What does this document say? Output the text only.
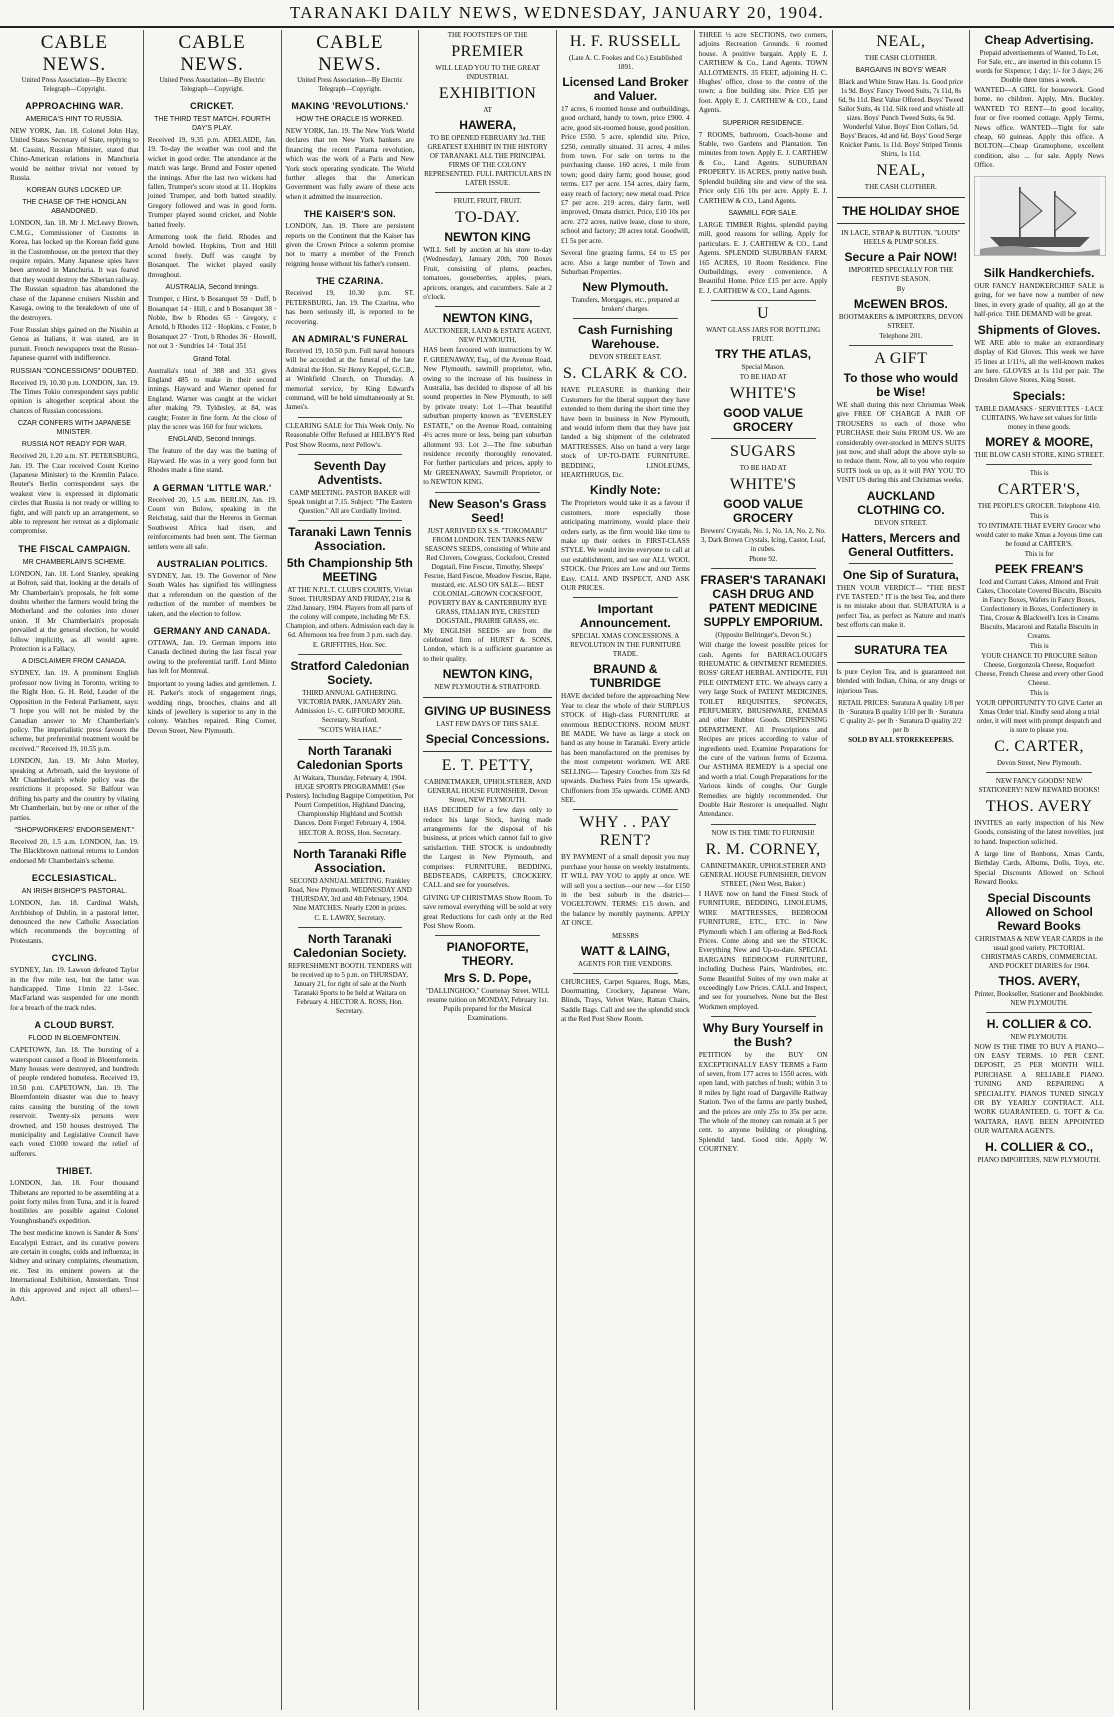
TARANAKI DAILY NEWS, WEDNESDAY, JANUARY 20, 1904.
CABLE NEWS.
United Press Association—By Electric Telegraph—Copyright.
APPROACHING WAR.
AMERICA'S HINT TO RUSSIA.
NEW YORK, Jan. 18. Colonel John Hay, United States Secretary of State, replying to M. Cassini, Russian Minister, stated that Chino-American relations in Manchuria would be neither trivial nor vetoed by Russia.
KOREAN GUNS LOCKED UP.
THE CHASE OF THE HONGLAN ABANDONED.
LONDON, Jan. 18. Mr J. McLeavy Brown, C.M.G., Commissioner of Customs in Korea, has locked up the Korean field guns in the Customhouse, on the pretext that they require repairs. Many Japanese spies have been arrested in Manchuria. It was feared that they would destroy the Siberian railway. The Russian squadron has abandoned the chase of the Japanese cruisers Nisshin and Kasuga, owing to the breakdown of one of the destroyers.
Four Russian ships gained on the Nisshin at Genoa as Italians, it was stated, are in pursuit. French newspapers treat the Russo-Japanese quarrel with indifference.
RUSSIAN "CONCESSIONS" DOUBTED.
Received 19, 10.30 p.m. LONDON, Jan. 19. The Times Tokio correspondent says public opinion is altogether sceptical about the chances of Russian concessions.
CZAR CONFERS WITH JAPANESE MINISTER.
RUSSIA NOT READY FOR WAR.
Received 20, 1.20 a.m. ST. PETERSBURG, Jan. 19. The Czar received Count Kurino (Japanese Minister) to the Kremlin Palace. Reuter's Berlin correspondent says the weakest view is expressed in diplomatic circles that Russia is not ready or willing to fight, and will patch up an arrangement, so able to represent her retreat as a diplomatic compromise.
THE FISCAL CAMPAIGN.
MR CHAMBERLAIN'S SCHEME.
LONDON, Jan. 18. Lord Stanley, speaking at Bolton, said that, looking at the details of Mr Chamberlain's proposals, he felt some doubts whether the farmers would bring the Motherland and the colonies into closer union. If Mr Chamberlain's proposals prevailed at the general election, he would follow implicitly, as all would agree. Protection is a Fallacy.
A DISCLAIMER FROM CANADA.
SYDNEY, Jan. 19. A prominent English professor now living in Toronto, writing to the Right Hon. G. H. Reid, Leader of the Opposition in the Federal Parliament, says: "I hope you will not be misled by the Canadian answer to Mr Chamberlain's policy. The imperialistic press favours the scheme, but preferential treatment would be received." Received 19, 10.55 p.m.
LONDON, Jan. 19. Mr John Morley, speaking at Arbroath, said the keystone of Mr Chamberlain's whole policy was the restrictions it proposed. Sir Balfour was drifting his party and the country by vilating Mr Chamberlain, but by one or other of the parties.
"SHOPWORKERS' ENDORSEMENT."
Received 20, 1.5 a.m. LONDON, Jan. 19. The Blackbrown national returns to London endorsed Mr Chamberlain's scheme.
ECCLESIASTICAL.
AN IRISH BISHOP'S PASTORAL.
LONDON, Jan. 18. Cardinal Walsh, Archbishop of Dublin, in a pastoral letter, denounced the new Catholic Association which recommends the boycotting of Protestants.
CYCLING.
SYDNEY, Jan. 19. Lawson defeated Taylor in the five mile test, but the latter was handicapped. Time 11min 22 1-5sec. MacFarland was suspended for one month for a breach of the track rules.
A CLOUD BURST.
FLOOD IN BLOEMFONTEIN.
CAPETOWN, Jan. 18. The bursting of a waterspout caused a flood in Bloemfontein. Many houses were destroyed, and hundreds of people rendered homeless. Received 19, 10.50 p.m. CAPETOWN, Jan. 19. The Bloemfontein disaster was due to heavy rains causing the bursting of the town reservoir. Twenty-six persons were drowned, and 150 houses destroyed. The municipality and Legislative Council have each voted £1000 toward the relief of sufferers.
THIBET.
LONDON, Jan. 18. Four thousand Thibetans are reported to be assembling at a point forty miles from Tuna, and it is feared hostilities are possible against Colonel Younghusband's expedition.
The best medicine known is Sander & Sons' Eucalypti Extract, and its curative powers are certain in coughs, colds and influenza; in kidney and urinary complaints, rheumatism, etc. Test its eminent powers at the International Exhibition, Amsterdam. Trust in this approved and reject all others!—Advt.
CABLE NEWS.
United Press Association—By Electric Telegraph—Copyright.
CRICKET.
THE THIRD TEST MATCH. FOURTH DAY'S PLAY.
Received 19, 9.35 p.m. ADELAIDE, Jan. 19. To-day the weather was cool and the wicket in good order. The attendance at the match was large. Brund and Foster opened the innings. After the last two wickets had fallen, Trumper's score stood at 11. Hopkins joined Trumper, and both batted steadily. Gregory followed and was in good form. Trumper played sound cricket, and Noble batted freely.
Armstrong took the field. Rhodes and Arnold bowled. Hopkins, Trott and Hill scored freely. Duff was caught by Bosanquet. The wicket played easily throughout.
AUSTRALIA, Second Innings.
Trumper, c Hirst, b Bosanquet 59 · Duff, b Bosanquet 14 · Hill, c and b Bosanquet 38 · Noble, lbw b Rhodes 65 · Gregory, c Arnold, b Rhodes 112 · Hopkins, c Foster, b Bosanquet 27 · Trott, b Rhodes 36 · Howell, not out 3 · Sundries 14 · Total 351
Grand Total.
Australia's total of 388 and 351 gives England 485 to make in their second innings. Hayward and Warner opened for England. Warner was caught at the wicket after making 79. Tyldesley, at 84, was caught; Foster in fine form. At the close of play the score was 160 for four wickets.
ENGLAND, Second Innings.
The feature of the day was the batting of Hayward. He was in a very good form but Rhodes made a fine stand.
A GERMAN 'LITTLE WAR.'
Received 20, 1.5 a.m. BERLIN, Jan. 19. Count von Bulow, speaking in the Reichstag, said that the Hereros in German Southwest Africa had risen, and reinforcements had been sent. The German settlers were all safe.
AUSTRALIAN POLITICS.
SYDNEY, Jan. 19. The Governor of New South Wales has signified his willingness that a referendum on the question of the reduction of the number of members be taken, and the election to follow.
GERMANY AND CANADA.
OTTAWA, Jan. 19. German imports into Canada declined during the last fiscal year owing to the preferential tariff. Lord Minto has left for Montreal.
Important to young ladies and gentlemen. J. H. Parker's stock of engagement rings, wedding rings, brooches, chains and all kinds of jewellery is superior to any in the colony. Watches repaired. Ring Corner, Devon Street, New Plymouth.
CABLE NEWS.
United Press Association—By Electric Telegraph—Copyright.
MAKING 'REVOLUTIONS.'
HOW THE ORACLE IS WORKED.
NEW YORK, Jan. 19. The New York World declares that ten New York bankers are financing the recent Panama revolution, which was the work of a Paris and New York stock operating syndicate. The World further alleges that the American Government was fully aware of these acts when it admitted the insurrection.
THE KAISER'S SON.
LONDON, Jan. 19. There are persistent reports on the Continent that the Kaiser has given the Crown Prince a solemn promise not to marry a member of the French reigning house without his father's consent.
THE CZARINA.
Received 19, 10.30 p.m. ST. PETERSBURG, Jan. 19. The Czarina, who has been seriously ill, is reported to be recovering.
AN ADMIRAL'S FUNERAL
Received 19, 10.50 p.m. Full naval honours will be accorded at the funeral of the late Admiral the Hon. Sir Henry Keppel, G.C.B., at Winkfield Church, on Thursday. A memorial service, by King Edward's command, will be held simultaneously at St. James's.
CLEARING SALE for This Week Only. No Reasonable Offer Refused at HELBY'S Red Post Show Rooms, next Pellow's.
Seventh Day Adventists.
CAMP MEETING. PASTOR BAKER will Speak tonight at 7.15. Subject: "The Eastern Question." All are Cordially Invited.
Taranaki Lawn Tennis Association.
5th Championship 5th MEETING
AT THE N.P.L.T. CLUB'S COURTS, Vivian Street. THURSDAY AND FRIDAY, 21st & 22nd January, 1904. Players from all parts of the colony will compete, including Mr F.S. Champion, and others. Admission each day is 6d. Afternoon tea free from 3 p.m. each day.
E. GRIFFITHS, Hon. Sec.
Stratford Caledonian Society.
THIRD ANNUAL GATHERING. VICTORIA PARK, JANUARY 26th. Admission 1/-. C. GIFFORD MOORE, Secretary, Stratford.
"SCOTS WHA HAE."
North Taranaki Caledonian Sports
At Waitara, Thursday, February 4, 1904. HUGE SPORTS PROGRAMME! (See Posters). Including Bagpipe Competition, Pot Pourri Competition, Highland Dancing, Championship Highland and Scottish Dances. Dont Forget! February 4, 1904.
HECTOR A. ROSS, Hon. Secretary.
North Taranaki Rifle Association.
SECOND ANNUAL MEETING. Frankley Road, New Plymouth. WEDNESDAY AND THURSDAY, 3rd and 4th February, 1904. Nine MATCHES. Nearly £200 in prizes.
C. E. LAWRY, Secretary.
North Taranaki Caledonian Society.
REFRESHMENT BOOTH. TENDERS will be received up to 5 p.m. on THURSDAY, January 21, for right of sale at the North Taranaki Sports to be held at Waitara on February 4. HECTOR A. ROSS, Hon. Secretary.
THE FOOTSTEPS OF THE
PREMIER
WILL LEAD YOU TO THE GREAT INDUSTRIAL
EXHIBITION
AT
HAWERA,
TO BE OPENED FEBRUARY 3rd. THE GREATEST EXHIBIT IN THE HISTORY OF TARANAKI. ALL THE PRINCIPAL FIRMS OF THE COLONY REPRESENTED. FULL PARTICULARS IN LATER ISSUE.
FRUIT, FRUIT, FRUIT.
TO-DAY.
NEWTON KING
WILL Sell by auction at his store to-day (Wednesday), January 20th, 700 Boxes Fruit, consisting of plums, peaches, tomatoes, gooseberries, apples, pears, apricots, oranges, and cucumbers. Sale at 2 o'clock.
NEWTON KING,
AUCTIONEER, LAND & ESTATE AGENT, NEW PLYMOUTH,
HAS been favoured with instructions by W. F. GREENAWAY, Esq., of the Avenue Road, New Plymouth, sawmill proprietor, who, owing to the increase of his business in Australia, has decided to dispose of all his sound properties in New Plymouth, to sell by private treaty: Lot 1—That beautiful suburban property known as "EVERSLEY ESTATE," on the Avenue Road, containing 4½ acres more or less, being part suburban allotment 93. Lot 2—The fine suburban residence recently thoroughly renovated. For further particulars and prices, apply to Mr GREENAWAY, Sawmill Proprietor, or to NEWTON KING.
New Season's Grass Seed!
JUST ARRIVED EX S.S. "TOKOMARU" FROM LONDON. TEN TANKS NEW SEASON'S SEEDS, consisting of White and Red Clovers, Cowgrass, Cocksfoot, Crested Dogstail, Fine Fescue, Timothy, Sheeps' Fescue, Hard Fescue, Meadow Fescue, Rape, mustard, etc. ALSO ON SALE— BEST COLONIAL-GROWN COCKSFOOT, POVERTY BAY & CANTERBURY RYE GRASS, ITALIAN RYE, CRESTED DOGSTAIL, PRAIRIE GRASS, etc.
My ENGLISH SEEDS are from the celebrated firm of HURST & SONS, London, which is a sufficient guarantee as to their quality.
NEWTON KING,
NEW PLYMOUTH & STRATFORD.
GIVING UP BUSINESS
LAST FEW DAYS OF THIS SALE.
Special Concessions.
E. T. PETTY,
CABINETMAKER, UPHOLSTERER, AND GENERAL HOUSE FURNISHER, Devon Street, NEW PLYMOUTH.
HAS DECIDED for a few days only to reduce his large Stock, having made arrangements for the disposal of his business, at prices which cannot fail to give satisfaction. THE STOCK is undoubtedly the Largest in New Plymouth, and comprises: FURNITURE, BEDDING, BEDSTEADS, CARPETS, CROCKERY. CALL and see for yourselves.
GIVING UP CHRISTMAS Show Room. To save removal everything will be sold at very great Reductions for cash only at the Red Post Show Room.
PIANOFORTE, THEORY.
Mrs S. D. Pope,
"DALLINGHOO," Courtenay Street. WILL resume tuition on MONDAY, February 1st. Pupils prepared for the Musical Examinations.
H. F. RUSSELL
(Late A. C. Fookes and Co.) Established 1891.
Licensed Land Broker and Valuer.
17 acres, 6 roomed house and outbuildings, good orchard, handy to town, price £900. 4 acre, good six-roomed house, good position. Price £550. 5 acre, splendid site. Price, £250, centrally situated. 31 acres, 4 miles from town. For sale on terms to the purchasing clause. 160 acres, 1 mile from town; good dairy farm; good house; good terms. £17 per acre. 154 acres, dairy farm, easy reach of factory; new metal road. Price £7 per acre. 219 acres, dairy farm, well improved, Omata district. Price, £10 10s per acre. 272 acres, native lease, close to store, school and factory; 28 acres total. Goodwill, £1 5s per acre.
Several fine grazing farms, £4 to £5 per acre. Also a large number of Town and Suburban Properties.
New Plymouth.
Transfers, Mortgages, etc., prepared at brokers' charges.
Cash Furnishing Warehouse.
DEVON STREET EAST.
S. CLARK & CO.
HAVE PLEASURE in thanking their Customers for the liberal support they have extended to them during the short time they have been in business in New Plymouth, and would inform them that they have just landed a big shipment of the celebrated MATTRESSES. Also on hand a very large stock of UP-TO-DATE FURNITURE. BEDDING, LINOLEUMS, HEARTHRUGS, Etc.
Kindly Note:
The Proprietors would take it as a favour if customers, more especially those anticipating matrimony, would place their orders early, as the firm would like time to make up their orders in FIRST-CLASS STYLE. We would invite everyone to call at our establishment, and see our ALL WOOL STOCK. Our Prices are Low and our Terms Easy. CALL AND INSPECT, AND ASK OUR PRICES.
Important Announcement.
SPECIAL XMAS CONCESSIONS. A REVOLUTION IN THE FURNITURE TRADE.
BRAUND & TUNBRIDGE
HAVE decided before the approaching New Year to clear the whole of their SURPLUS STOCK of High-class FURNITURE at enormous REDUCTIONS. ROOM MUST BE MADE. We have as large a stock on hand as any house in Taranaki. Every article has been manufactured on the premises by the most competent workmen. WE ARE SELLING— Tapestry Couches from 32s 6d upwards. Duchess Pairs from 15s upwards. Chiffoniers from 35s upwards. COME AND SEE.
WHY . . PAY RENT?
BY PAYMENT of a small deposit you may purchase your house on weekly instalments. IT WILL PAY YOU to apply at once. WE will sell you a section—our new —for £150 in the best suburb in the district—VOGELTOWN. TERMS: £15 down, and the balance by monthly payments. APPLY AT ONCE.
MESSRS
WATT & LAING,
AGENTS FOR THE VENDORS.
CHURCHES, Carpet Squares, Rugs, Mats, Doormatting, Crockery, Japanese Ware, Blinds, Trays, Velvet Ware, Rattan Chairs, Saddle Bags. Call and see the splendid stock at the Red Post Show Room.
THREE ½ acre SECTIONS, two corners, adjoins Recreation Grounds. 6 roomed house. A positive bargain. Apply E. J. CARTHEW & Co., Land Agents. TOWN ALLOTMENTS. 35 FEET, adjoining H. C. Hughes' office, close to the centre of the town; a fine building site. Price £35 per foot. Apply E. J. CARTHEW & CO., Land Agents.
SUPERIOR RESIDENCE.
7 ROOMS, bathroom, Coach-house and Stable, two Gardens and Plantation. Ten minutes from town. Apply E. J. CARTHEW & Co., Land Agents. SUBURBAN PROPERTY. 16 ACRES, pretty native bush. Splendid building site and view of the sea. Price only £16 10s per acre. Apply E. J. CARTHEW & CO., Land Agents.
SAWMILL FOR SALE.
LARGE TIMBER Rights, splendid paying mill, good reasons for selling. Apply for particulars. E. J. CARTHEW & CO., Land Agents. SPLENDID SUBURBAN FARM. 165 ACRES, 10 Room Residence. Fine Outbuildings, every convenience. A Beautiful Home. Price £15 per acre. Apply E. J. CARTHEW & CO., Land Agents.
U
WANT GLASS JARS FOR BOTTLING FRUIT.
TRY THE ATLAS,
Special Mason.
TO BE HAD AT
WHITE'S
GOOD VALUE GROCERY
SUGARS
TO BE HAD AT
WHITE'S
GOOD VALUE GROCERY
Brewers' Crystals, No. 1, No. 1A, No. 2, No. 3, Dark Brown Crystals, Icing, Castor, Loaf, in cubes.
Phone 92.
FRASER'S TARANAKI CASH DRUG AND PATENT MEDICINE SUPPLY EMPORIUM.
(Opposite Bellringer's, Devon St.)
Will charge the lowest possible prices for cash. Agents for BARRACLOUGH'S RHEUMATIC & OINTMENT REMEDIES. ROSS' GREAT HERBAL ANTIDOTE, FIJI PILE OINTMENT ETC. We always carry a very large Stock of PATENT MEDICINES, TOILET REQUISITES, SPONGES, PERFUMERY, BRUSHWARE, ENEMAS and other Rubber Goods. DISPENSING DEPARTMENT. All Prescriptions and Recipes are prices according to value of ingredients used. Examine Preparations for the cure of the various forms of Eczema. Our ASTHMA REMEDY is a special one and worth a trial. Cough Preparations for the Various kinds of coughs. Our Gurgle Remedies are highly recommended. Our Double Hair Restorer is unequalled. Night Attendance.
NOW IS THE TIME TO FURNISH!
R. M. CORNEY,
CABINETMAKER, UPHOLSTERER AND GENERAL HOUSE FURNISHER, DEVON STREET, (Next West, Baker.)
I HAVE now on hand the Finest Stock of FURNITURE, BEDDING, LINOLEUMS, WIRE MATTRESSES, BEDROOM FURNITURE, ETC., ETC. in New Plymouth which I am offering at Bed-Rock Prices. Come along and see the STOCK. Everything New and Up-to-date. SPECIAL BARGAINS BEDROOM FURNITURE, including Duchess Pairs, Wardrobes, etc. Some Beautiful Suites of my own make at exceedingly Low Prices. CALL and Inspect, and see for yourselves. None but the Best Workmen employed.
Why Bury Yourself in the Bush?
PETITION by the BUY ON EXCEPTIONALLY EASY TERMS a Farm of seven, from 177 acres to 1550 acres, with open land, with patches of bush; within 3 to 8 miles by light road of Dargaville Railway Station. Two of the farms are partly bushed, and the prices are only 25s to 35s per acre. The whole of the money can remain at 5 per cent. to anyone building or ploughing. Splendid land. Good title. Apply W. COURTNEY.
NEAL,
THE CASH CLOTHIER.
BARGAINS IN BOYS' WEAR
Black and White Straw Hats. 1s. Good price 1s 9d. Boys' Fancy Tweed Suits, 7s 11d, 8s 6d, 9s 11d. Best Value Offered. Boys' Tweed Sailor Suits, 4s 11d. Silk reed and whistle all sizes. Boys' Punch Tweed Suits, 6s 9d. Wonderful Value. Boys' Eton Collars, 5d. Boys' Braces, 4d and 6d. Boys' Good Serge Knicker Pants, 1s 11d. Boys' Striped Tennis Shirts, 1s 11d.
NEAL,
THE CASH CLOTHIER.
THE HOLIDAY SHOE
IN LACE, STRAP & BUTTON. "LOUIS" HEELS & PUMP SOLES.
Secure a Pair NOW!
IMPORTED SPECIALLY FOR THE FESTIVE SEASON.
By
McEWEN BROS.
BOOTMAKERS & IMPORTERS, DEVON STREET.
Telephone 201.
A GIFT
To those who would be Wise!
WE shall during this next Christmas Week give FREE OF CHARGE A PAIR OF TROUSERS to each of those who PURCHASE their Suits FROM US. We are considerably over-stocked in MEN'S SUITS just now, and shall adopt the above style so to reduce them. Now, all to you who require SUITS look us up, as it will PAY YOU TO VISIT US during this and Christmas weeks.
AUCKLAND CLOTHING CO.
DEVON STREET.
Hatters, Mercers and General Outfitters.
One Sip of Suratura,
THEN YOUR VERDICT— "THE BEST I'VE TASTED." IT is the best Tea, and there is no mistake about that. SURATURA is a perfect Tea, as perfect as Nature and man's best efforts can make it.
SURATURA TEA
Is pure Ceylon Tea, and is guaranteed not blended with Indian, China, or any drugs or injurious Teas.
RETAIL PRICES: Suratura A quality 1/8 per lb · Suratura B quality 1/10 per lb · Suratura C quality 2/- per lb · Suratura D quality 2/2 per lb
SOLD BY ALL STOREKEEPERS.
Cheap Advertising.
Prepaid advertisements of Wanted, To Let, For Sale, etc., are inserted in this column 15 words for Sixpence; 1 day; 1/- for 3 days; 2/6 Double three times a week.
WANTED—A GIRL for housework. Good home, no children. Apply, Mrs. Buckley. WANTED TO RENT—In good locality, four or five roomed cottage. Apply Terms, News office. WANTED—Tight for sale cheap, 60 guineas. Apply this office. A BOLTON—Cheap Gramophone, excellent condition, also ... for sale. Apply News Office.
Silk Handkerchiefs.
OUR FANCY HANDKERCHIEF SALE is going, for we have now a number of new lines, in every grade of quality, all go at the half-price. THE DEMAND will be great.
Shipments of Gloves.
WE ARE able to make an extraordinary display of Kid Gloves. This week we have 15 lines at 1/11½, all the well-known makes are here. GLOVES at 1s 11d per pair. The Dresden Glove Stores, King Street.
Specials:
TABLE DAMASKS · SERVIETTES · LACE CURTAINS. We have set values for little money in these goods.
MOREY & MOORE,
THE BLOW CASH STORE, KING STREET.
This is
CARTER'S,
THE PEOPLE'S GROCER. Telephone 410.
This is
TO INTIMATE THAT EVERY Grocer who would cater to make Xmas a Joyous time can be found at CARTER'S.
This is for
PEEK FREAN'S
Iced and Currant Cakes, Almond and Fruit Cakes, Chocolate Covered Biscuits, Biscuits in Fancy Boxes, Wafers in Fancy Boxes, Confectionery in Boxes, Confectionery in Tins, Crosse & Blackwell's Ices in Creams Biscuits, Macaroni and Ratafia Biscuits in Creams.
This is
YOUR CHANCE TO PROCURE Stilton Cheese, Gorgonzola Cheese, Roquefort Cheese, French Cheese and every other Good Cheese.
This is
YOUR OPPORTUNITY TO GIVE Carter an Xmas Order trial. Kindly send along a trial order, it will meet with prompt despatch and is sure to please you.
C. CARTER,
Devon Street, New Plymouth.
NEW FANCY GOODS! NEW STATIONERY! NEW REWARD BOOKS!
THOS. AVERY
INVITES an early inspection of his New Goods, consisting of the latest novelties, just to hand. Inspection solicited.
A large line of Bonbons, Xmas Cards, Birthday Cards, Albums, Dolls, Toys, etc. Special Discounts Allowed on School Reward Books.
Special Discounts Allowed on School Reward Books
CHRISTMAS & NEW YEAR CARDS in the usual good variety. PICTORIAL CHRISTMAS CARDS, COMMERCIAL AND POCKET DIARIES for 1904.
THOS. AVERY,
Printer, Bookseller, Stationer and Bookbinder. NEW PLYMOUTH.
H. COLLIER & CO.
NEW PLYMOUTH.
NOW IS THE TIME TO BUY A PIANO—ON EASY TERMS. 10 PER CENT. DEPOSIT, 25 PER MONTH WILL PURCHASE A RELIABLE PIANO. TUNING AND REPAIRING A SPECIALITY. PIANOS TUNED SINGLY OR BY YEARLY CONTRACT. ALL WORK GUARANTEED. G. TOFT & Co. WAITARA, HAVE BEEN APPOINTED OUR WAITARA AGENTS.
H. COLLIER & CO.,
PIANO IMPORTERS, NEW PLYMOUTH.
